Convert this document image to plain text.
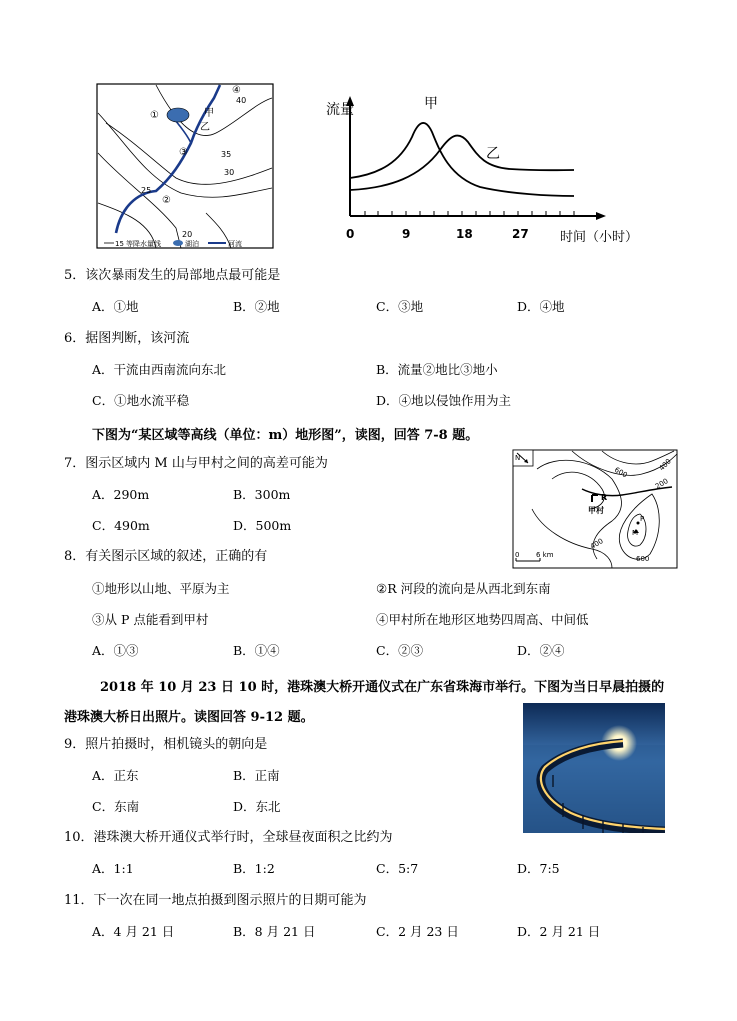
①
②
③
④
甲
乙
40
35
30
25
20
15 等降水量线	湖泊	河流
流量	甲
乙
0	9	18	27 时间（小时）
5．该次暴雨发生的局部地点最可能是
A．①地	B．②地	C．③地	D．④地
6．据图判断，该河流
A．干流由西南流向东北	B．流量②地比③地小
C．①地水流平稳	D．④地以侵蚀作用为主
下图为“某区域等高线（单位：m）地形图”，读图，回答 7-8 题。
7．图示区域内 M 山与甲村之间的高差可能为
A．290m	B．300m
C．490m	D．500m
N
R
甲村
P
600
400
200
600
400
0 6 km
8．有关图示区域的叙述，正确的有
①地形以山地、平原为主	②R 河段的流向是从西北到东南
③从 P 点能看到甲村	④甲村所在地形区地势四周高、中间低
A．①③	B．①④	C．②③	D．②④
2018 年 10 月 23 日 10 时，港珠澳大桥开通仪式在广东省珠海市举行。下图为当日早晨拍摄的
港珠澳大桥日出照片。读图回答 9-12 题。
9．照片拍摄时，相机镜头的朝向是
A．正东	B．正南
C．东南	D．东北
10．港珠澳大桥开通仪式举行时，全球昼夜面积之比约为
A．1:1	B．1:2	C．5:7	D．7:5
11．下一次在同一地点拍摄到图示照片的日期可能为
A．4 月 21 日	B．8 月 21 日	C．2 月 23 日	D．2 月 21 日
